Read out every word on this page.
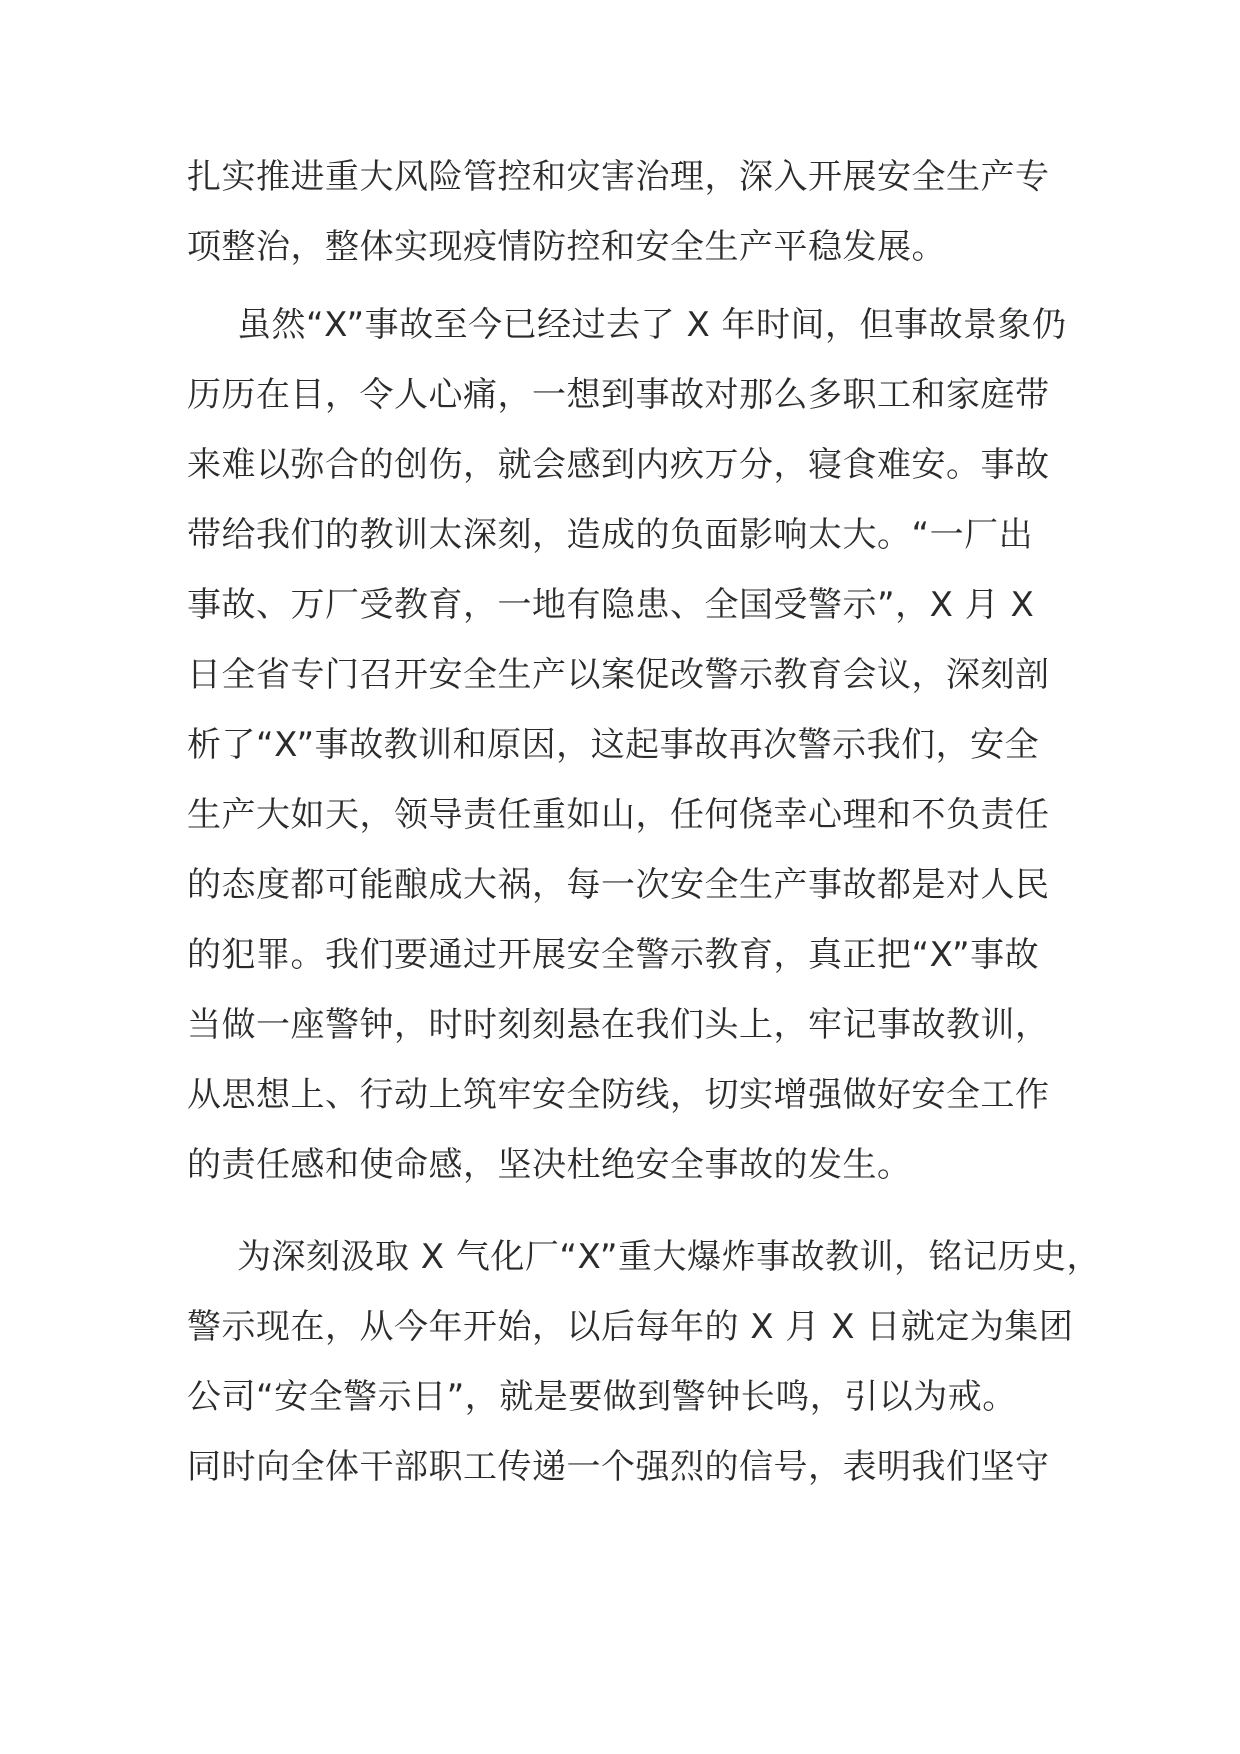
扎实推进重大风险管控和灾害治理，深入开展安全生产专
项整治，整体实现疫情防控和安全生产平稳发展。
虽然“X”事故至今已经过去了 X 年时间，但事故景象仍
历历在目，令人心痛，一想到事故对那么多职工和家庭带
来难以弥合的创伤，就会感到内疚万分，寝食难安。事故
带给我们的教训太深刻，造成的负面影响太大。“一厂出
事故、万厂受教育，一地有隐患、全国受警示”，X 月 X
日全省专门召开安全生产以案促改警示教育会议，深刻剖
析了“X”事故教训和原因，这起事故再次警示我们，安全
生产大如天，领导责任重如山，任何侥幸心理和不负责任
的态度都可能酿成大祸，每一次安全生产事故都是对人民
的犯罪。我们要通过开展安全警示教育，真正把“X”事故
当做一座警钟，时时刻刻悬在我们头上，牢记事故教训，
从思想上、行动上筑牢安全防线，切实增强做好安全工作
的责任感和使命感，坚决杜绝安全事故的发生。
为深刻汲取 X 气化厂“X”重大爆炸事故教训，铭记历史，
警示现在，从今年开始，以后每年的 X 月 X 日就定为集团
公司“安全警示日”，就是要做到警钟长鸣，引以为戒。
同时向全体干部职工传递一个强烈的信号，表明我们坚守
